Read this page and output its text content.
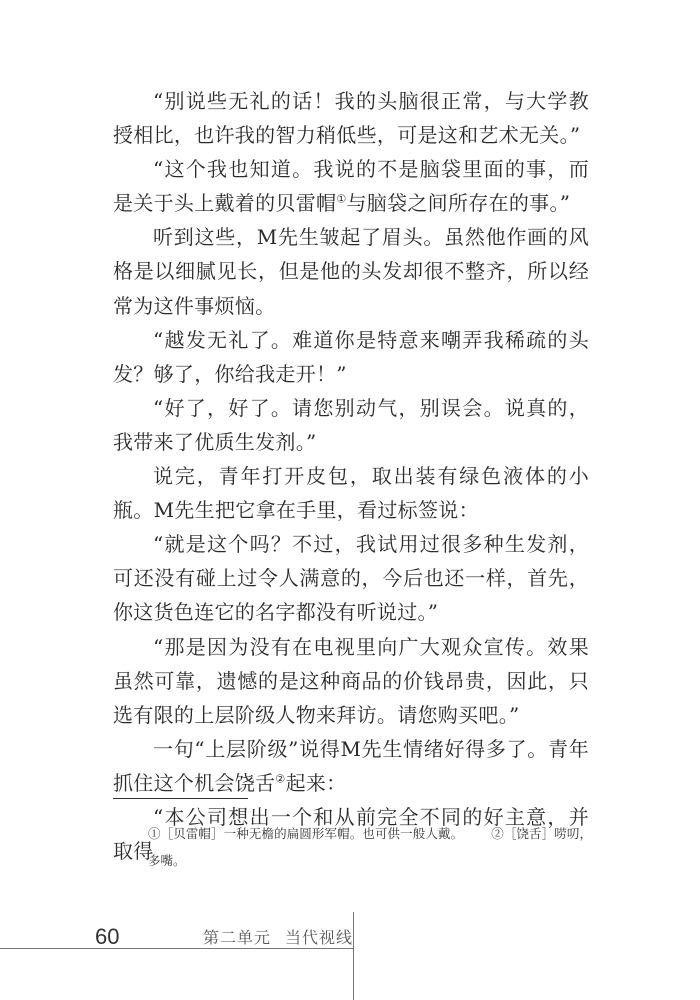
“别说些无礼的话！我的头脑很正常，与大学教授相比，也许我的智力稍低些，可是这和艺术无关。”

“这个我也知道。我说的不是脑袋里面的事，而是关于头上戴着的贝雷帽①与脑袋之间所存在的事。”

听到这些，M先生皱起了眉头。虽然他作画的风格是以细腻见长，但是他的头发却很不整齐，所以经常为这件事烦恼。

“越发无礼了。难道你是特意来嘲弄我稀疏的头发？够了，你给我走开！”

“好了，好了。请您别动气，别误会。说真的，我带来了优质生发剂。”

说完，青年打开皮包，取出装有绿色液体的小瓶。M先生把它拿在手里，看过标签说：

“就是这个吗？不过，我试用过很多种生发剂，可还没有碰上过令人满意的，今后也还一样，首先，你这货色连它的名字都没有听说过。”

“那是因为没有在电视里向广大观众宣传。效果虽然可靠，遗憾的是这种商品的价钱昂贵，因此，只选有限的上层阶级人物来拜访。请您购买吧。”

一句“上层阶级”说得M先生情绪好得多了。青年抓住这个机会饶舌②起来：

“本公司想出一个和从前完全不同的好主意，并取得

①［贝雷帽］一种无檐的扁圆形军帽。也可供一般人戴。 ②［饶舌］唠叨，多嘴。
60	第二单元 当代视线
